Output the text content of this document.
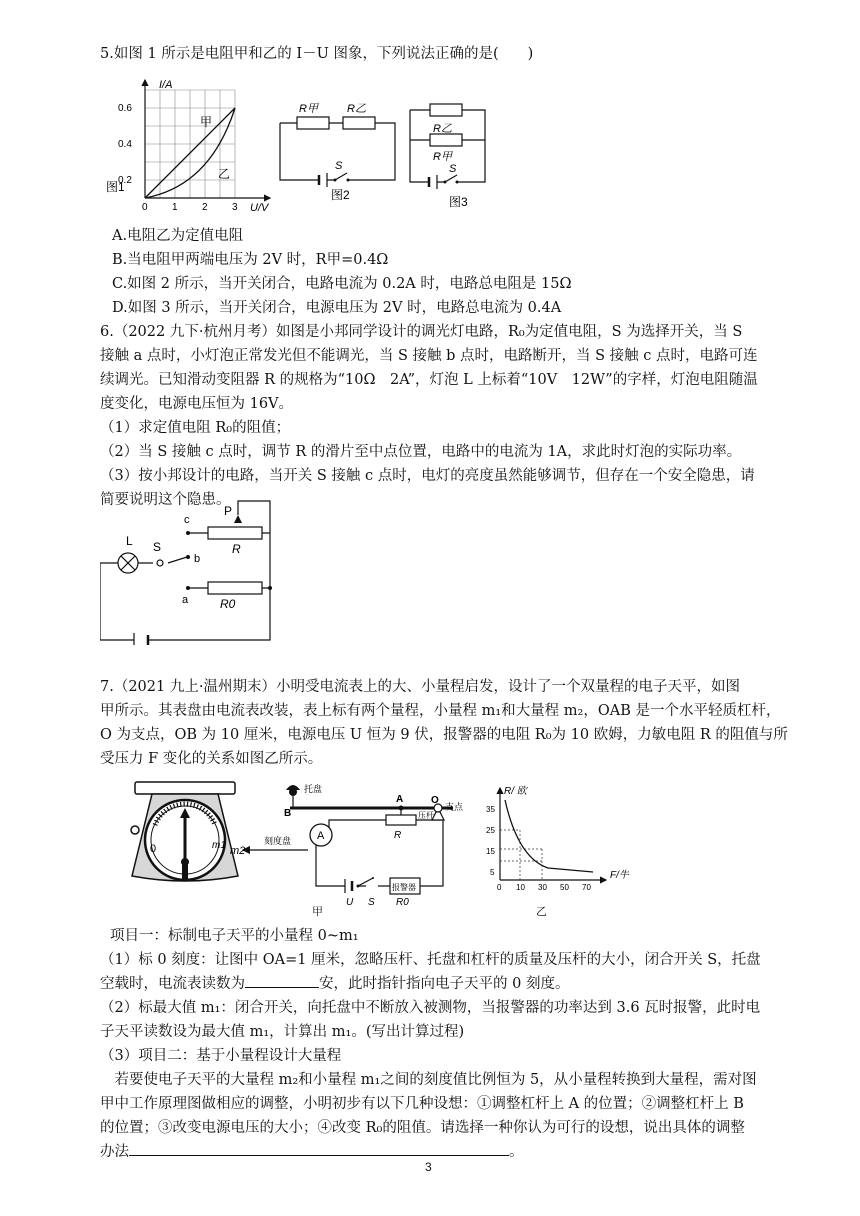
5.如图 1 所示是电阻甲和乙的 I－U 图象，下列说法正确的是(　　)
I/A
U/V
0.6
0.4
0.2
0 1 2 3
甲
乙
图1
R甲	R乙
S
图2
R乙
R甲
S
图3
A.电阻乙为定值电阻
B.当电阻甲两端电压为 2V 时，R甲=0.4Ω
C.如图 2 所示，当开关闭合，电路电流为 0.2A 时，电路总电阻是 15Ω
D.如图 3 所示，当开关闭合，电源电压为 2V 时，电路总电流为 0.4A
6.（2022 九下·杭州月考）如图是小邦同学设计的调光灯电路，R₀为定值电阻，S 为选择开关，当 S
接触 a 点时，小灯泡正常发光但不能调光，当 S 接触 b 点时，电路断开，当 S 接触 c 点时，电路可连
续调光。已知滑动变阻器 R 的规格为“10Ω　2A”，灯泡 L 上标着“10V　12W”的字样，灯泡电阻随温
度变化，电源电压恒为 16V。
（1）求定值电阻 R₀的阻值；
（2）当 S 接触 c 点时，调节 R 的滑片至中点位置，电路中的电流为 1A，求此时灯泡的实际功率。
（3）按小邦设计的电路，当开关 S 接触 c 点时，电灯的亮度虽然能够调节，但存在一个安全隐患，请
简要说明这个隐患。
L S
P
R
R0
c
b
a
7.（2021 九上·温州期末）小明受电流表上的大、小量程启发，设计了一个双量程的电子天平，如图
甲所示。其表盘由电流表改装，表上标有两个量程，小量程 m₁和大量程 m₂，OAB 是一个水平轻质杠杆，
O 为支点，OB 为 10 厘米，电源电压 U 恒为 9 伏，报警器的电阻 R₀为 10 欧姆，力敏电阻 R 的阻值与所
受压力 F 变化的关系如图乙所示。
0	m1
A
m2
刻度盘
托盘
B
A	O
支点
压杆
R
U S R0
报警器
甲
R/ 欧
F/牛
35
25
15
5
0 10 30 50 70
乙
项目一：标制电子天平的小量程 0~m₁
（1）标 0 刻度：让图中 OA=1 厘米，忽略压杆、托盘和杠杆的质量及压杆的大小，闭合开关 S，托盘
空载时，电流表读数为	安，此时指针指向电子天平的 0 刻度。
（2）标最大值 m₁：闭合开关，向托盘中不断放入被测物，当报警器的功率达到 3.6 瓦时报警，此时电
子天平读数设为最大值 m₁，计算出 m₁。(写出计算过程)
（3）项目二：基于小量程设计大量程
　若要使电子天平的大量程 m₂和小量程 m₁之间的刻度值比例恒为 5，从小量程转换到大量程，需对图
甲中工作原理图做相应的调整，小明初步有以下几种设想：①调整杠杆上 A 的位置；②调整杠杆上 B
的位置；③改变电源电压的大小；④改变 R₀的阻值。请选择一种你认为可行的设想，说出具体的调整
办法	。
3
